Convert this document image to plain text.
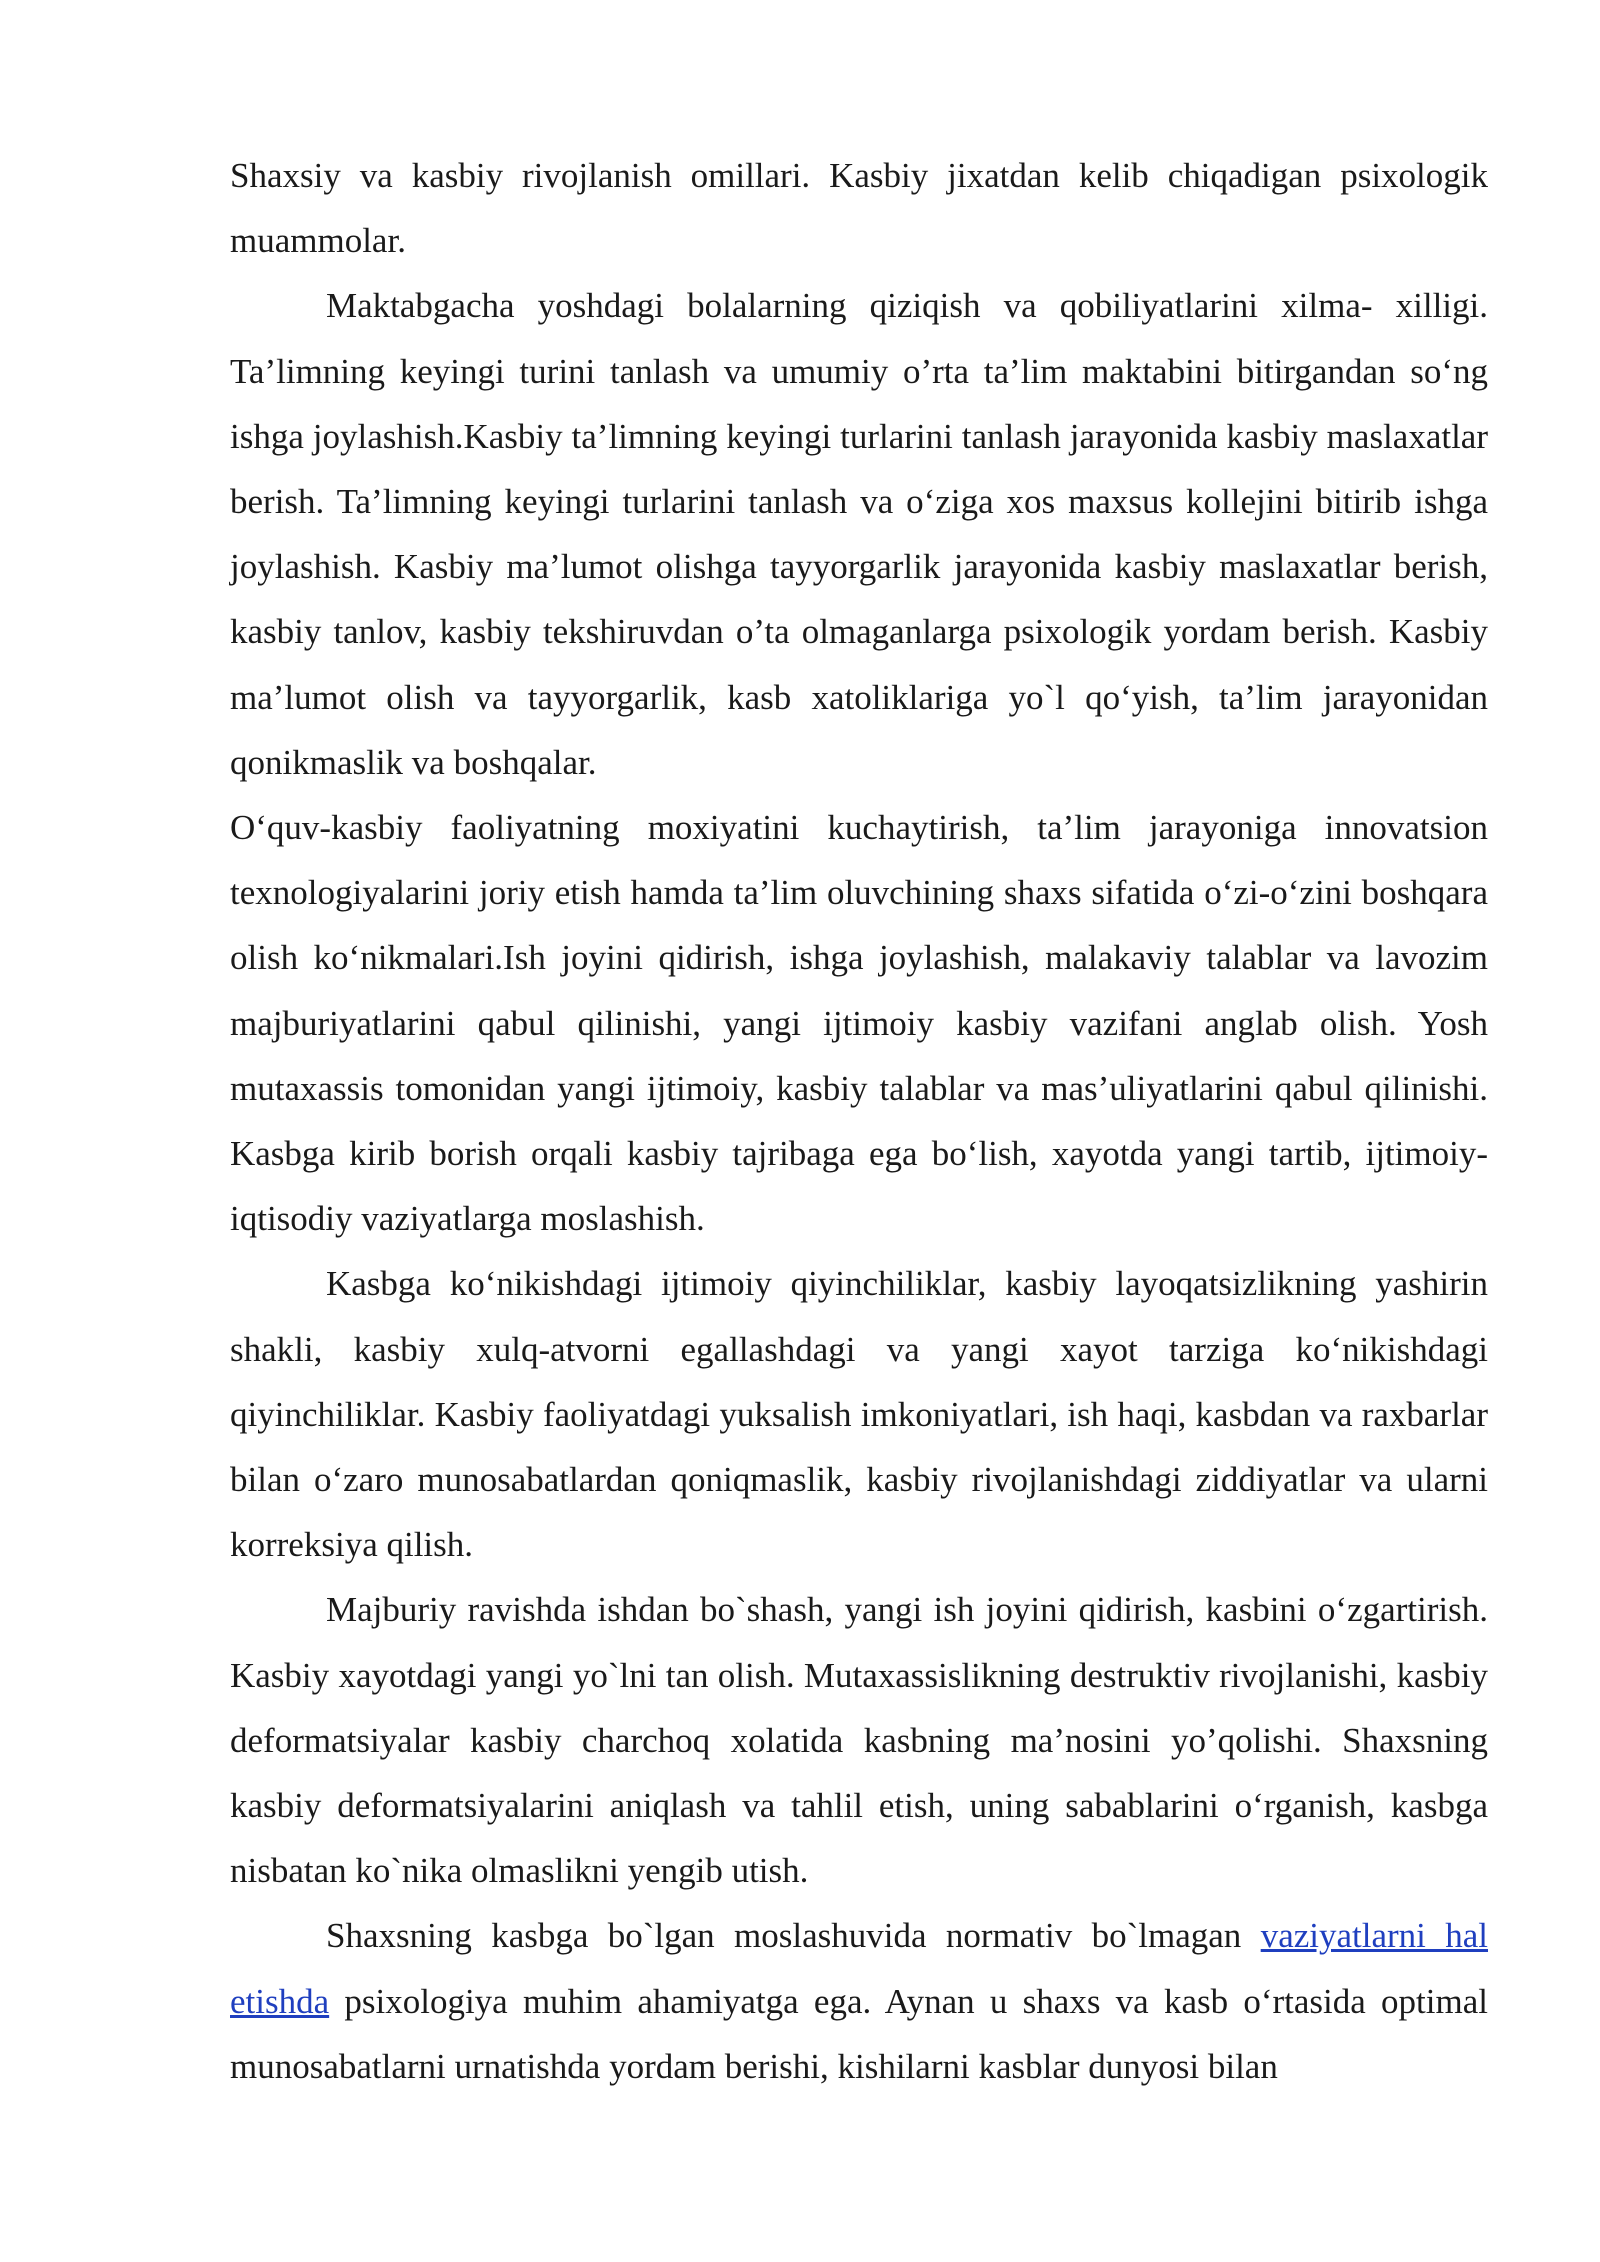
Shaxsiy va kasbiy rivojlanish omillari. Kasbiy jixatdan kelib chiqadigan psixologik muammolar.

Maktabgacha yoshdagi bolalarning qiziqish va qobiliyatlarini xilma- xilligi. Ta’limning keyingi turini tanlash va umumiy o’rta ta’lim maktabini bitirgandan so‘ng ishga joylashish.Kasbiy ta’limning keyingi turlarini tanlash jarayonida kasbiy maslaxatlar berish. Ta’limning keyingi turlarini tanlash va o‘ziga xos maxsus kollejini bitirib ishga joylashish. Kasbiy ma’lumot olishga tayyorgarlik jarayonida kasbiy maslaxatlar berish, kasbiy tanlov, kasbiy tekshiruvdan o’ta olmaganlarga psixologik yordam berish. Kasbiy ma’lumot olish va tayyorgarlik, kasb xatoliklariga yo`l qo‘yish, ta’lim jarayonidan qonikmaslik va boshqalar.

O‘quv-kasbiy faoliyatning moxiyatini kuchaytirish, ta’lim jarayoniga innovatsion texnologiyalarini joriy etish hamda ta’lim oluvchining shaxs sifatida o‘zi-o‘zini boshqara olish ko‘nikmalari.Ish joyini qidirish, ishga joylashish, malakaviy talablar va lavozim majburiyatlarini qabul qilinishi, yangi ijtimoiy kasbiy vazifani anglab olish. Yosh mutaxassis tomonidan yangi ijtimoiy, kasbiy talablar va mas’uliyatlarini qabul qilinishi. Kasbga kirib borish orqali kasbiy tajribaga ega bo‘lish, xayotda yangi tartib, ijtimoiy- iqtisodiy vaziyatlarga moslashish.

Kasbga ko‘nikishdagi ijtimoiy qiyinchiliklar, kasbiy layoqatsizlikning yashirin shakli, kasbiy xulq-atvorni egallashdagi va yangi xayot tarziga ko‘nikishdagi qiyinchiliklar. Kasbiy faoliyatdagi yuksalish imkoniyatlari, ish haqi, kasbdan va raxbarlar bilan o‘zaro munosabatlardan qoniqmaslik, kasbiy rivojlanishdagi ziddiyatlar va ularni korreksiya qilish.

Majburiy ravishda ishdan bo`shash, yangi ish joyini qidirish, kasbini o‘zgartirish. Kasbiy xayotdagi yangi yo`lni tan olish. Mutaxassislikning destruktiv rivojlanishi, kasbiy deformatsiyalar kasbiy charchoq xolatida kasbning ma’nosini yo’qolishi. Shaxsning kasbiy deformatsiyalarini aniqlash va tahlil etish, uning sabablarini o‘rganish, kasbga nisbatan ko`nika olmaslikni yengib utish.

Shaxsning kasbga bo`lgan moslashuvida normativ bo`lmagan vaziyatlarni hal etishda psixologiya muhim ahamiyatga ega. Aynan u shaxs va kasb o‘rtasida optimal munosabatlarni urnatishda yordam berishi, kishilarni kasblar dunyosi bilan
